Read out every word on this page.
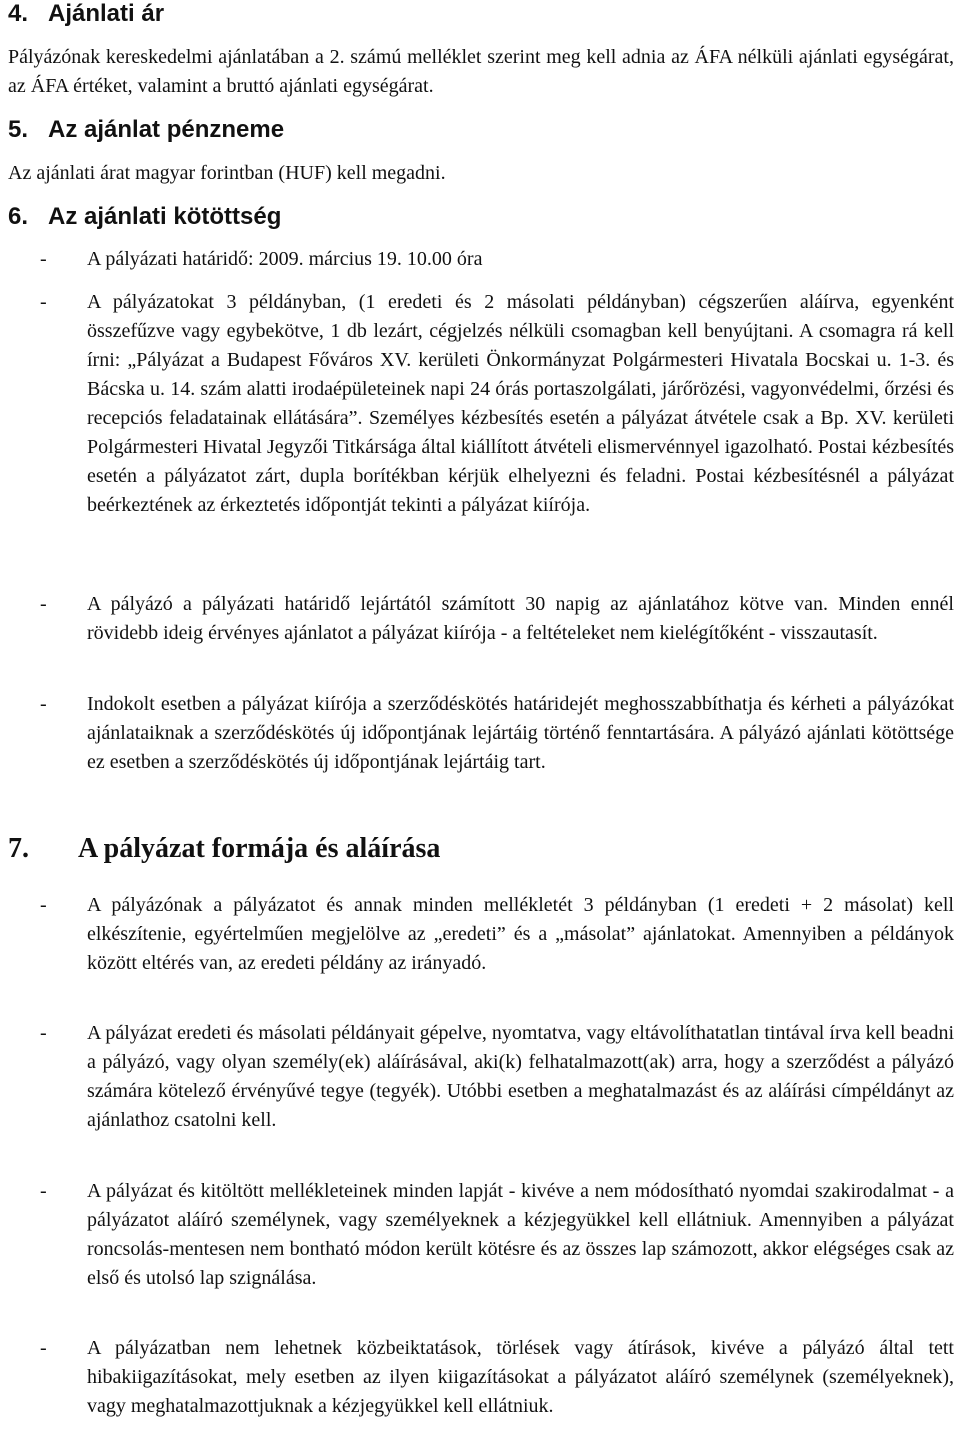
4. Ajánlati ár

Pályázónak kereskedelmi ajánlatában a 2. számú melléklet szerint meg kell adnia az ÁFA nélküli ajánlati egységárat, az ÁFA értéket, valamint a bruttó ajánlati egységárat.

5. Az ajánlat pénzneme

Az ajánlati árat magyar forintban (HUF) kell megadni.

6. Az ajánlati kötöttség
- A pályázati határidő: 2009. március 19. 10.00 óra

- A pályázatokat 3 példányban, (1 eredeti és 2 másolati példányban) cégszerűen aláírva, egyenként összefűzve vagy egybekötve, 1 db lezárt, cégjelzés nélküli csomagban kell benyújtani. A csomagra rá kell írni: „Pályázat a Budapest Főváros XV. kerületi Önkormányzat Polgármesteri Hivatala Bocskai u. 1-3. és Bácska u. 14. szám alatti irodaépületeinek napi 24 órás portaszolgálati, járőrözési, vagyonvédelmi, őrzési és recepciós feladatainak ellátására”. Személyes kézbesítés esetén a pályázat átvétele csak a Bp. XV. kerületi Polgármesteri Hivatal Jegyzői Titkársága által kiállított átvételi elismervénnyel igazolható. Postai kézbesítés esetén a pályázatot zárt, dupla borítékban kérjük elhelyezni és feladni. Postai kézbesítésnél a pályázat beérkeztének az érkeztetés időpontját tekinti a pályázat kiírója.

- A pályázó a pályázati határidő lejártától számított 30 napig az ajánlatához kötve van. Minden ennél rövidebb ideig érvényes ajánlatot a pályázat kiírója - a feltételeket nem kielégítőként - visszautasít.

- Indokolt esetben a pályázat kiírója a szerződéskötés határidejét meghosszabbíthatja és kérheti a pályázókat ajánlataiknak a szerződéskötés új időpontjának lejártáig történő fenntartására. A pályázó ajánlati kötöttsége ez esetben a szerződéskötés új időpontjának lejártáig tart.

7. A pályázat formája és aláírása
- A pályázónak a pályázatot és annak minden mellékletét 3 példányban (1 eredeti + 2 másolat) kell elkészítenie, egyértelműen megjelölve az „eredeti” és a „másolat” ajánlatokat. Amennyiben a példányok között eltérés van, az eredeti példány az irányadó.

- A pályázat eredeti és másolati példányait gépelve, nyomtatva, vagy eltávolíthatatlan tintával írva kell beadni a pályázó, vagy olyan személy(ek) aláírásával, aki(k) felhatalmazott(ak) arra, hogy a szerződést a pályázó számára kötelező érvényűvé tegye (tegyék). Utóbbi esetben a meghatalmazást és az aláírási címpéldányt az ajánlathoz csatolni kell.

- A pályázat és kitöltött mellékleteinek minden lapját - kivéve a nem módosítható nyomdai szakirodalmat - a pályázatot aláíró személynek, vagy személyeknek a kézjegyükkel kell ellátniuk. Amennyiben a pályázat roncsolás-mentesen nem bontható módon került kötésre és az összes lap számozott, akkor elégséges csak az első és utolsó lap szignálása.

- A pályázatban nem lehetnek közbeiktatások, törlések vagy átírások, kivéve a pályázó által tett hibakiigazításokat, mely esetben az ilyen kiigazításokat a pályázatot aláíró személynek (személyeknek), vagy meghatalmazottjuknak a kézjegyükkel kell ellátniuk.
